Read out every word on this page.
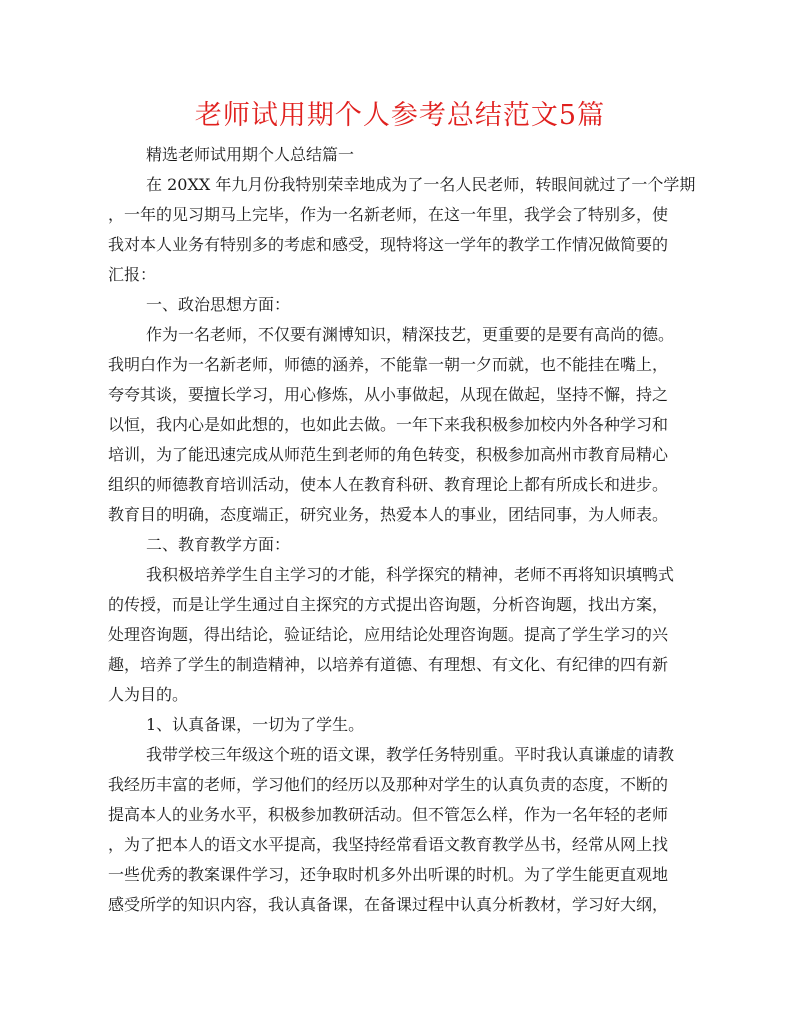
老师试用期个人参考总结范文5篇

精选老师试用期个人总结篇一

在 20XX 年九月份我特别荣幸地成为了一名人民老师，转眼间就过了一个学期

，一年的见习期马上完毕，作为一名新老师，在这一年里，我学会了特别多，使

我对本人业务有特别多的考虑和感受，现特将这一学年的教学工作情况做简要的

汇报：

一、政治思想方面：

作为一名老师，不仅要有渊博知识，精深技艺，更重要的是要有高尚的德。

我明白作为一名新老师，师德的涵养，不能靠一朝一夕而就，也不能挂在嘴上，

夸夸其谈，要擅长学习，用心修炼，从小事做起，从现在做起，坚持不懈，持之

以恒，我内心是如此想的，也如此去做。一年下来我积极参加校内外各种学习和

培训，为了能迅速完成从师范生到老师的角色转变，积极参加高州市教育局精心

组织的师德教育培训活动，使本人在教育科研、教育理论上都有所成长和进步。

教育目的明确，态度端正，研究业务，热爱本人的事业，团结同事，为人师表。

二、教育教学方面：

我积极培养学生自主学习的才能，科学探究的精神，老师不再将知识填鸭式

的传授，而是让学生通过自主探究的方式提出咨询题，分析咨询题，找出方案，

处理咨询题，得出结论，验证结论，应用结论处理咨询题。提高了学生学习的兴

趣，培养了学生的制造精神，以培养有道德、有理想、有文化、有纪律的四有新

人为目的。

1、认真备课，一切为了学生。

我带学校三年级这个班的语文课，教学任务特别重。平时我认真谦虚的请教

我经历丰富的老师，学习他们的经历以及那种对学生的认真负责的态度，不断的

提高本人的业务水平，积极参加教研活动。但不管怎么样，作为一名年轻的老师

，为了把本人的语文水平提高，我坚持经常看语文教育教学丛书，经常从网上找

一些优秀的教案课件学习，还争取时机多外出听课的时机。为了学生能更直观地

感受所学的知识内容，我认真备课，在备课过程中认真分析教材，学习好大纲，
